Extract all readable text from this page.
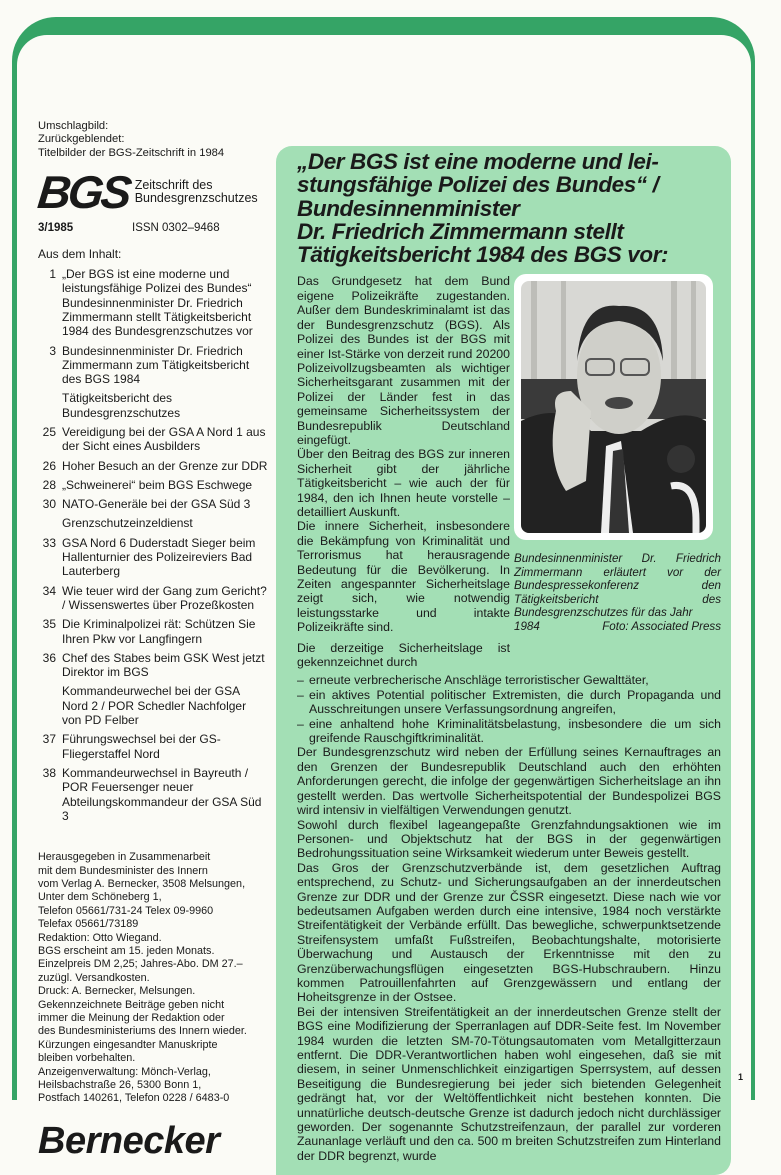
Umschlagbild:

Zurückgeblendet:

Titelbilder der BGS-Zeitschrift in 1984

BGS Zeitschrift des
Bundesgrenzschutzes
3/1985	ISSN 0302–9468
Aus dem Inhalt:
1 „Der BGS ist eine moderne und leistungsfähige Polizei des Bundes“ Bundesinnenminister Dr. Friedrich Zimmermann stellt Tätigkeitsbericht 1984 des Bundesgrenzschutzes vor
3 Bundesinnenminister Dr. Friedrich Zimmermann zum Tätigkeitsbericht des BGS 1984
Tätigkeitsbericht des Bundesgrenzschutzes
25 Vereidigung bei der GSA A Nord 1 aus der Sicht eines Ausbilders
26 Hoher Besuch an der Grenze zur DDR
28 „Schweinerei“ beim BGS Eschwege
30 NATO-Generäle bei der GSA Süd 3
Grenzschutzeinzeldienst
33 GSA Nord 6 Duderstadt Sieger beim Hallenturnier des Polizeireviers Bad Lauterberg
34 Wie teuer wird der Gang zum Gericht? / Wissenswertes über Prozeßkosten
35 Die Kriminalpolizei rät: Schützen Sie Ihren Pkw vor Langfingern
36 Chef des Stabes beim GSK West jetzt Direktor im BGS
Kommandeurwechel bei der GSA Nord 2 / POR Schedler Nachfolger von PD Felber
37 Führungswechsel bei der GS-Fliegerstaffel Nord
38 Kommandeurwechsel in Bayreuth / POR Feuersenger neuer Abteilungskommandeur der GSA Süd 3

Herausgegeben in Zusammenarbeit

mit dem Bundesminister des Innern

vom Verlag A. Bernecker, 3508 Melsungen,

Unter dem Schöneberg 1,

Telefon 05661/731-24 Telex 09-9960

Telefax 05661/73189

Redaktion: Otto Wiegand.

BGS erscheint am 15. jeden Monats.

Einzelpreis DM 2,25; Jahres-Abo. DM 27.–

zuzügl. Versandkosten.

Druck: A. Bernecker, Melsungen.

Gekennzeichnete Beiträge geben nicht

immer die Meinung der Redaktion oder

des Bundesministeriums des Innern wieder.

Kürzungen eingesandter Manuskripte

bleiben vorbehalten.

Anzeigenverwaltung: Mönch-Verlag,

Heilsbachstraße 26, 5300 Bonn 1,

Postfach 140261, Telefon 0228 / 6483-0

Bernecker
„Der BGS ist eine moderne und lei-
stungsfähige Polizei des Bundes“ /
Bundesinnenminister
Dr. Friedrich Zimmermann stellt
Tätigkeitsbericht 1984 des BGS vor:

Das Grundgesetz hat dem Bund eigene Polizeikräfte zugestanden. Außer dem Bundeskriminalamt ist das der Bundesgrenzschutz (BGS). Als Polizei des Bundes ist der BGS mit einer Ist-Stärke von derzeit rund 20200 Polizeivollzugsbeamten als wichtiger Sicherheitsgarant zusammen mit der Polizei der Länder fest in das gemeinsame Sicherheitssystem der Bundesrepublik Deutschland eingefügt.

Über den Beitrag des BGS zur inneren Sicherheit gibt der jährliche Tätigkeitsbericht – wie auch der für 1984, den ich Ihnen heute vorstelle – detailliert Auskunft.

Die innere Sicherheit, insbesondere die Bekämpfung von Kriminalität und Terrorismus hat herausragende Bedeutung für die Bevölkerung. In Zeiten angespannter Sicherheitslage zeigt sich, wie notwendig leistungsstarke und intakte Polizeikräfte sind.

Die derzeitige Sicherheitslage ist gekennzeichnet durch

Bundesinnenminister Dr. Friedrich Zimmermann erläutert vor der Bundespressekonferenz den Tätigkeitsbericht des Bundesgrenzschutzes für das Jahr

1984	Foto: Associated Press
– erneute verbrecherische Anschläge terroristischer Gewalttäter,
– ein aktives Potential politischer Extremisten, die durch Propaganda und Ausschreitungen unsere Verfassungsordnung angreifen,
– eine anhaltend hohe Kriminalitätsbelastung, insbesondere die um sich greifende Rauschgiftkriminalität.

Der Bundesgrenzschutz wird neben der Erfüllung seines Kernauftrages an den Grenzen der Bundesrepublik Deutschland auch den erhöhten Anforderungen gerecht, die infolge der gegenwärtigen Sicherheitslage an ihn gestellt werden. Das wertvolle Sicherheitspotential der Bundespolizei BGS wird intensiv in vielfältigen Verwendungen genutzt.

Sowohl durch flexibel lageangepaßte Grenzfahndungsaktionen wie im Personen- und Objektschutz hat der BGS in der gegenwärtigen Bedrohungssituation seine Wirksamkeit wiederum unter Beweis gestellt.

Das Gros der Grenzschutzverbände ist, dem gesetzlichen Auftrag entsprechend, zu Schutz- und Sicherungsaufgaben an der innerdeutschen Grenze zur DDR und der Grenze zur ČSSR eingesetzt. Diese nach wie vor bedeutsamen Aufgaben werden durch eine intensive, 1984 noch verstärkte Streifentätigkeit der Verbände erfüllt. Das bewegliche, schwerpunktsetzende Streifensystem umfaßt Fußstreifen, Beobachtungshalte, motorisierte Überwachung und Austausch der Erkenntnisse mit den zu Grenzüberwachungsflügen eingesetzten BGS-Hubschraubern. Hinzu kommen Patrouillenfahrten auf Grenzgewässern und entlang der Hoheitsgrenze in der Ostsee.

Bei der intensiven Streifentätigkeit an der innerdeutschen Grenze stellt der BGS eine Modifizierung der Sperranlagen auf DDR-Seite fest. Im November 1984 wurden die letzten SM-70-Tötungsautomaten vom Metallgitterzaun entfernt. Die DDR-Verantwortlichen haben wohl eingesehen, daß sie mit diesem, in seiner Unmenschlichkeit einzigartigen Sperrsystem, auf dessen Beseitigung die Bundesregierung bei jeder sich bietenden Gelegenheit gedrängt hat, vor der Weltöffentlichkeit nicht bestehen konnten. Die unnatürliche deutsch-deutsche Grenze ist dadurch jedoch nicht durchlässiger geworden. Der sogenannte Schutzstreifenzaun, der parallel zur vorderen Zaunanlage verläuft und den ca. 500 m breiten Schutzstreifen zum Hinterland der DDR begrenzt, wurde

1
